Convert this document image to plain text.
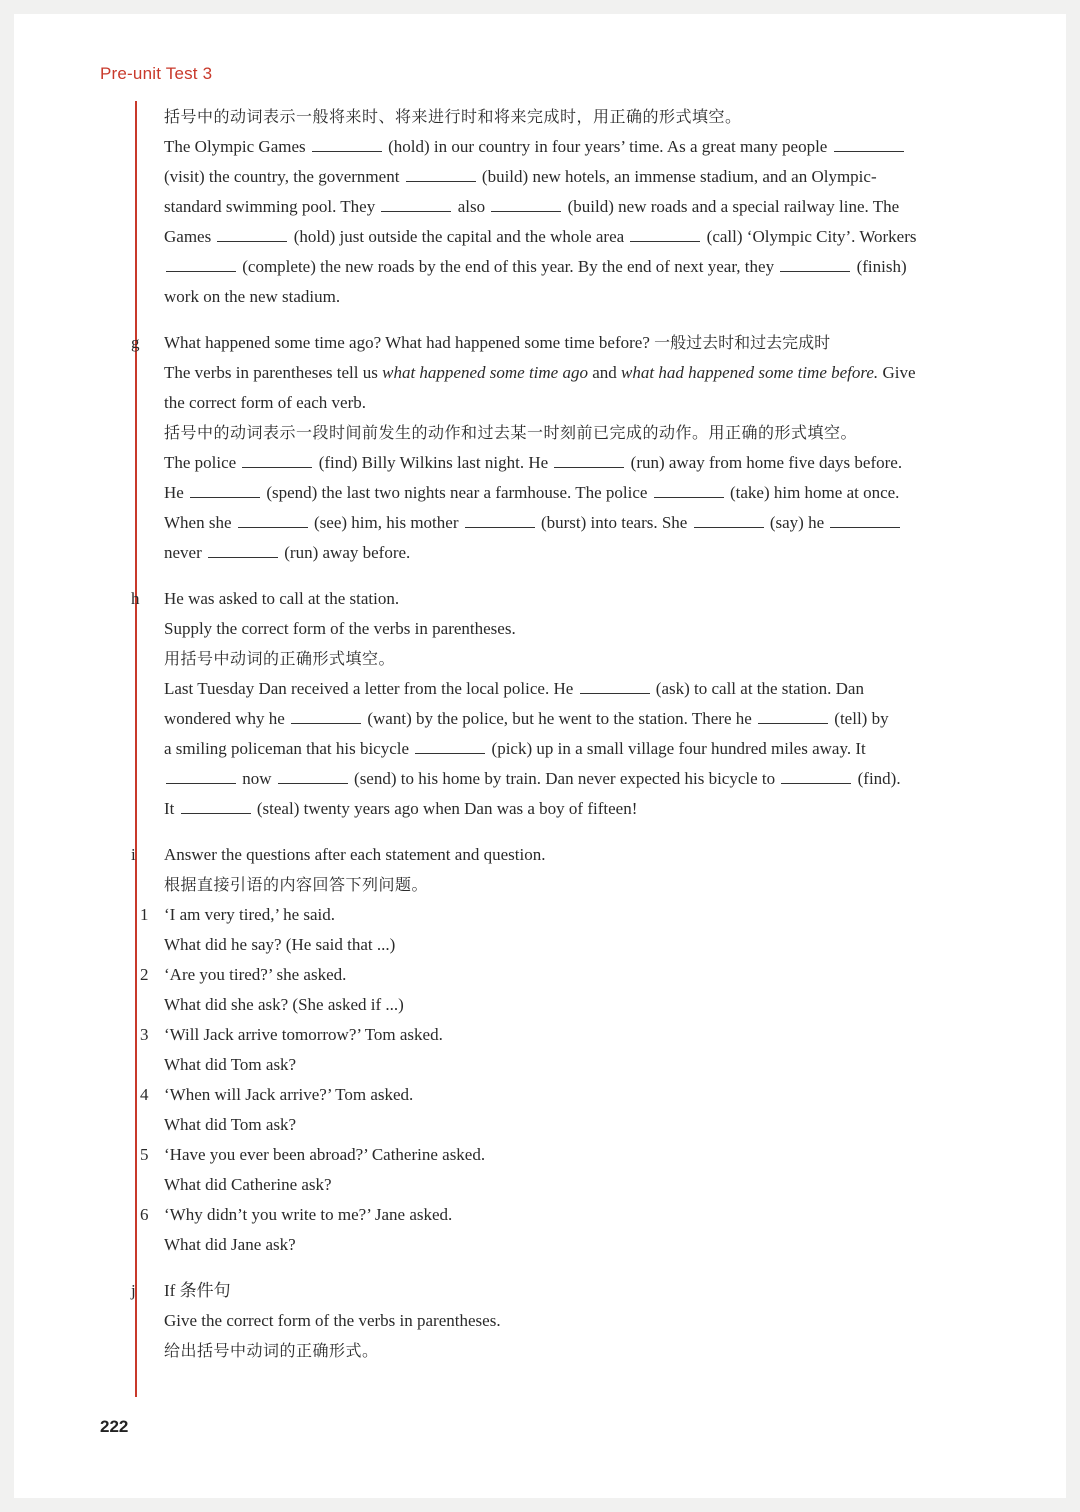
Pre-unit Test 3
括号中的动词表示一般将来时、将来进行时和将来完成时，用正确的形式填空。
The Olympic Games	(hold) in our country in four years’ time. As a great many people
(visit) the country, the government	(build) new hotels, an immense stadium, and an Olympic-
standard swimming pool. They	also	(build) new roads and a special railway line. The
Games	(hold) just outside the capital and the whole area	(call) ‘Olympic City’. Workers
(complete) the new roads by the end of this year. By the end of next year, they	(finish)
work on the new stadium.
g What happened some time ago? What had happened some time before? 一般过去时和过去完成时
The verbs in parentheses tell us what happened some time ago and what had happened some time before. Give
the correct form of each verb.
括号中的动词表示一段时间前发生的动作和过去某一时刻前已完成的动作。用正确的形式填空。
The police	(find) Billy Wilkins last night. He	(run) away from home five days before.
He	(spend) the last two nights near a farmhouse. The police	(take) him home at once.
When she	(see) him, his mother	(burst) into tears. She	(say) he
never	(run) away before.
h He was asked to call at the station.
Supply the correct form of the verbs in parentheses.
用括号中动词的正确形式填空。
Last Tuesday Dan received a letter from the local police. He	(ask) to call at the station. Dan
wondered why he	(want) by the police, but he went to the station. There he	(tell) by
a smiling policeman that his bicycle	(pick) up in a small village four hundred miles away. It
now	(send) to his home by train. Dan never expected his bicycle to	(find).
It	(steal) twenty years ago when Dan was a boy of fifteen!
i Answer the questions after each statement and question.
根据直接引语的内容回答下列问题。
1 ‘I am very tired,’ he said.
What did he say? (He said that ...)
2 ‘Are you tired?’ she asked.
What did she ask? (She asked if ...)
3 ‘Will Jack arrive tomorrow?’ Tom asked.
What did Tom ask?
4 ‘When will Jack arrive?’ Tom asked.
What did Tom ask?
5 ‘Have you ever been abroad?’ Catherine asked.
What did Catherine ask?
6 ‘Why didn’t you write to me?’ Jane asked.
What did Jane ask?
j If 条件句
Give the correct form of the verbs in parentheses.
给出括号中动词的正确形式。
222
